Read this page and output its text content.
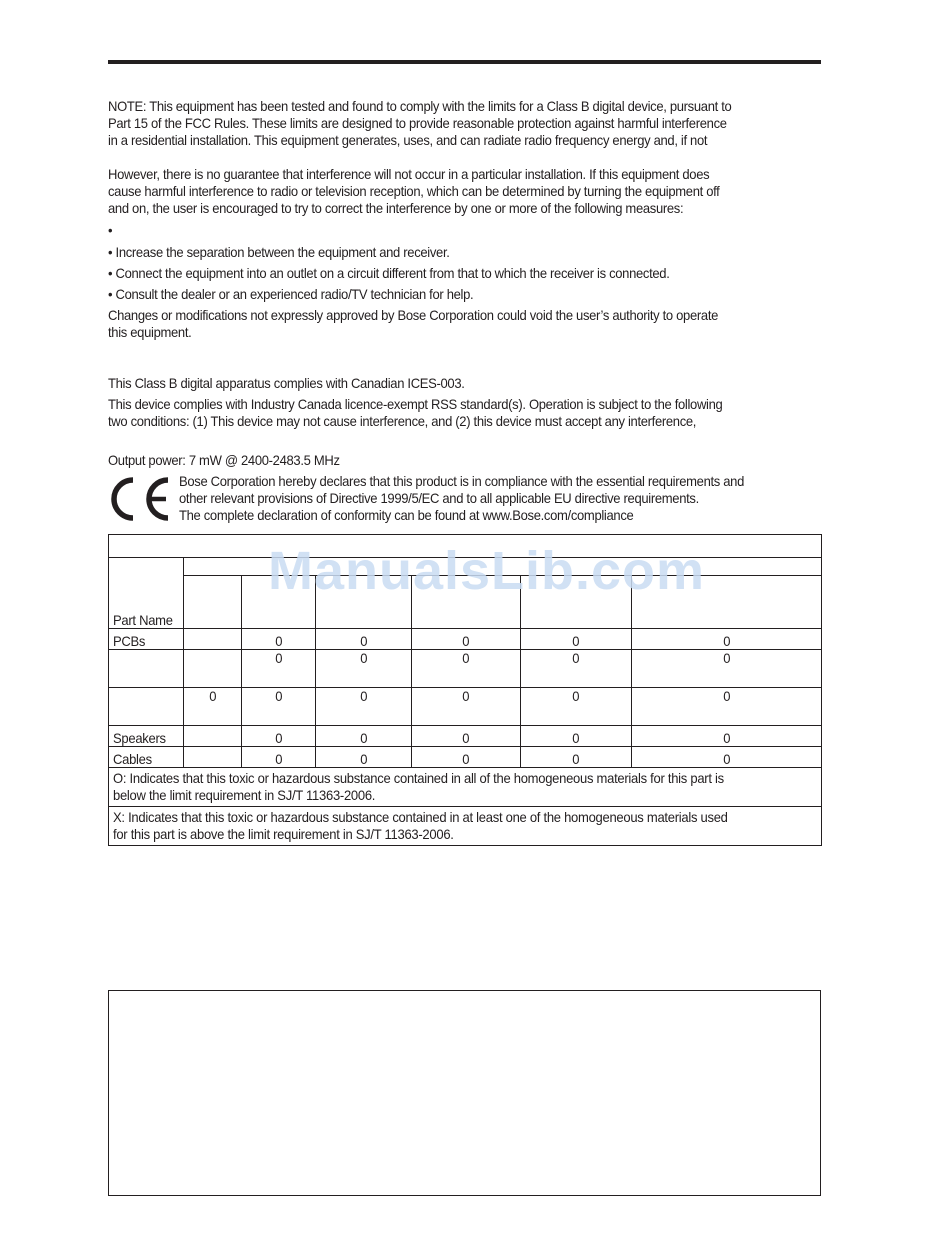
NOTE: This equipment has been tested and found to comply with the limits for a Class B digital device, pursuant to
Part 15 of the FCC Rules. These limits are designed to provide reasonable protection against harmful interference
in a residential installation. This equipment generates, uses, and can radiate radio frequency energy and, if not
However, there is no guarantee that interference will not occur in a particular installation. If this equipment does
cause harmful interference to radio or television reception, which can be determined by turning the equipment off
and on, the user is encouraged to try to correct the interference by one or more of the following measures:
•
• Increase the separation between the equipment and receiver.
• Connect the equipment into an outlet on a circuit different from that to which the receiver is connected.
• Consult the dealer or an experienced radio/TV technician for help.
Changes or modifications not expressly approved by Bose Corporation could void the user’s authority to operate
this equipment.
This Class B digital apparatus complies with Canadian ICES-003.
This device complies with Industry Canada licence-exempt RSS standard(s). Operation is subject to the following
two conditions: (1) This device may not cause interference, and (2) this device must accept any interference,
Output power: 7 mW @ 2400-2483.5 MHz
Bose Corporation hereby declares that this product is in compliance with the essential requirements and
other relevant provisions of Directive 1999/5/EC and to all applicable EU directive requirements.
The complete declaration of conformity can be found at www.Bose.com/compliance

Part Name						

PCBs		0	0	0	0	0
		0	0	0	0	0
	0	0	0	0	0	0
Speakers		0	0	0	0	0
Cables		0	0	0	0	0
O: Indicates that this toxic or hazardous substance contained in all of the homogeneous materials for this part is
below the limit requirement in SJ/T 11363-2006.						
X: Indicates that this toxic or hazardous substance contained in at least one of the homogeneous materials used
for this part is above the limit requirement in SJ/T 11363-2006.						
ManualsLib.com
